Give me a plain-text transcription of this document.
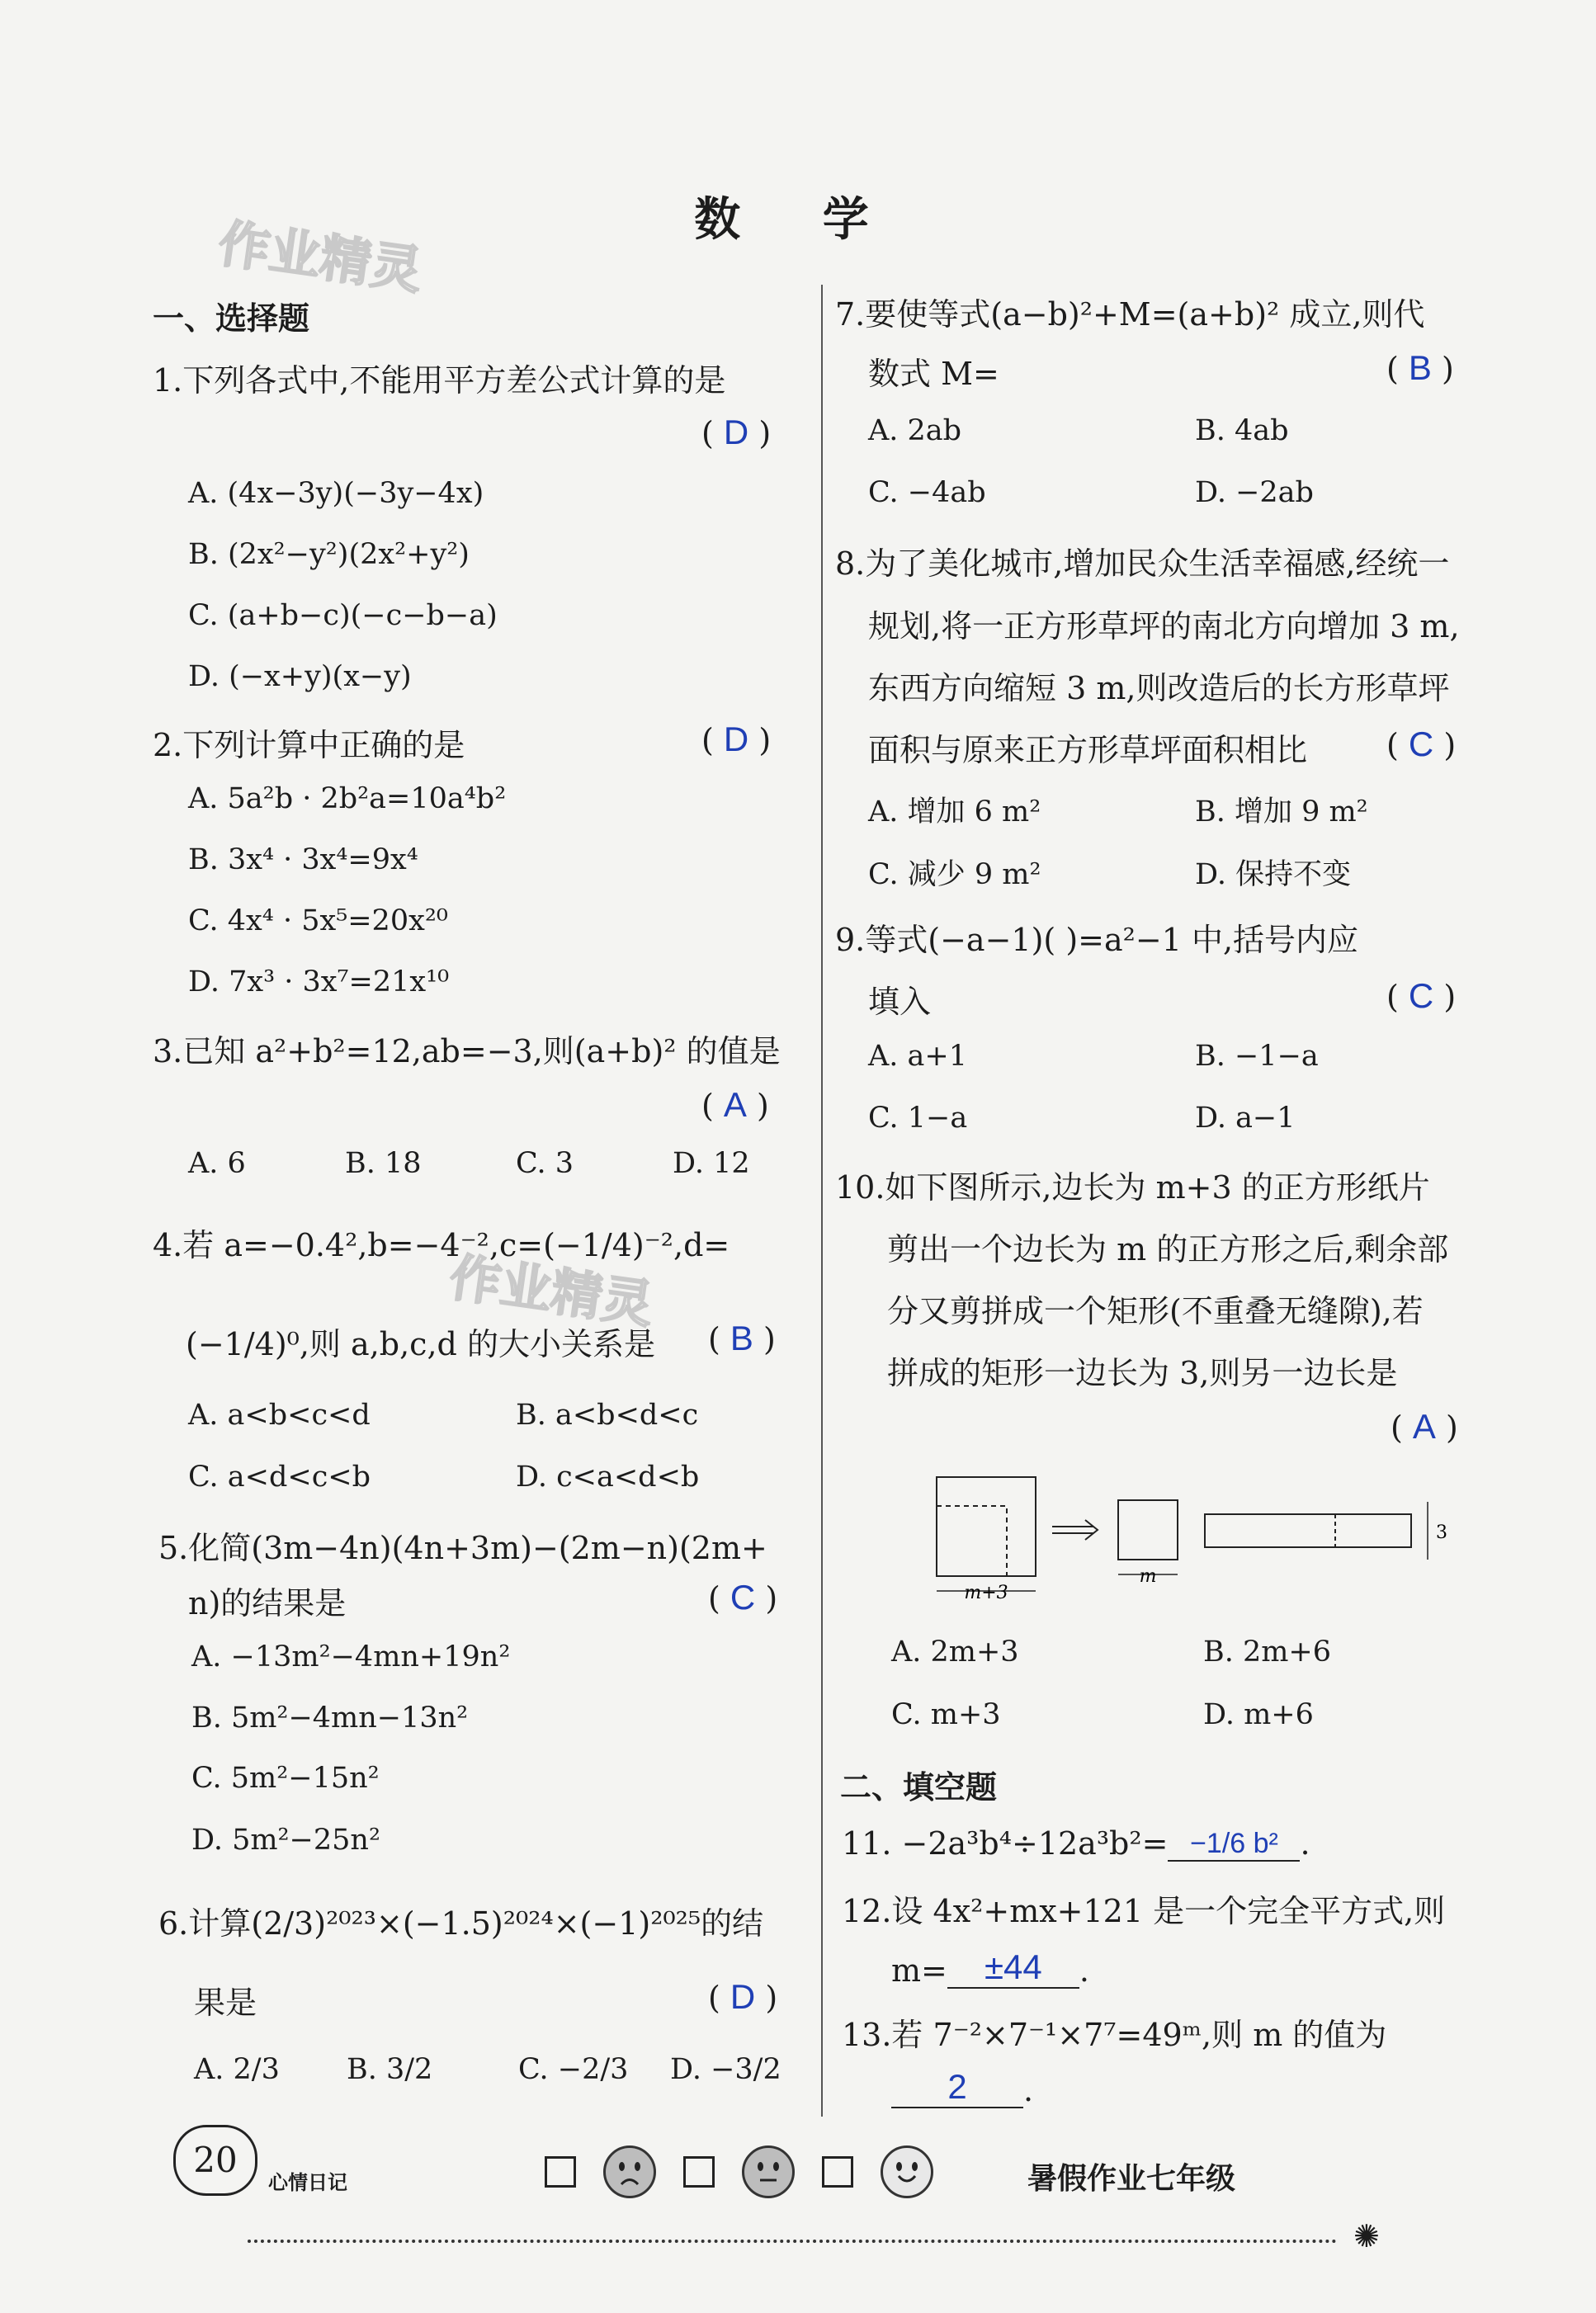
数 学
作业精灵
作业精灵
一、选择题
1.下列各式中,不能用平方差公式计算的是
( D )
A. (4x−3y)(−3y−4x)
B. (2x²−y²)(2x²+y²)
C. (a+b−c)(−c−b−a)
D. (−x+y)(x−y)
2.下列计算中正确的是	( D )
A. 5a²b · 2b²a=10a⁴b²
B. 3x⁴ · 3x⁴=9x⁴
C. 4x⁴ · 5x⁵=20x²⁰
D. 7x³ · 3x⁷=21x¹⁰
3.已知 a²+b²=12,ab=−3,则(a+b)² 的值是
( A )
A. 6	B. 18	C. 3	D. 12
4.若 a=−0.4²,b=−4⁻²,c=(−1/4)⁻²,d=
(−1/4)⁰,则 a,b,c,d 的大小关系是 ( B )
A. a<b<c<d	B. a<b<d<c
C. a<d<c<b	D. c<a<d<b
5.化简(3m−4n)(4n+3m)−(2m−n)(2m+
n)的结果是	( C )
A. −13m²−4mn+19n²
B. 5m²−4mn−13n²
C. 5m²−15n²
D. 5m²−25n²
6.计算(2/3)²⁰²³×(−1.5)²⁰²⁴×(−1)²⁰²⁵的结
果是	( D )
A. 2/3 B. 3/2	C. −2/3 D. −3/2
7.要使等式(a−b)²+M=(a+b)² 成立,则代
数式 M=	( B )
A. 2ab	B. 4ab
C. −4ab	D. −2ab
8.为了美化城市,增加民众生活幸福感,经统一
规划,将一正方形草坪的南北方向增加 3 m,
东西方向缩短 3 m,则改造后的长方形草坪
面积与原来正方形草坪面积相比	( C )
A. 增加 6 m²	B. 增加 9 m²
C. 减少 9 m²	D. 保持不变
9.等式(−a−1)( )=a²−1 中,括号内应
填入	( C )
A. a+1	B. −1−a
C. 1−a	D. a−1
10.如下图所示,边长为 m+3 的正方形纸片
剪出一个边长为 m 的正方形之后,剩余部
分又剪拼成一个矩形(不重叠无缝隙),若
拼成的矩形一边长为 3,则另一边长是
( A )
m+3
m
3
A. 2m+3	B. 2m+6
C. m+3	D. m+6
二、填空题
11. −2a³b⁴÷12a³b²= −1/6 b² .
12.设 4x²+mx+121 是一个完全平方式,则
m= ±44 .
13.若 7⁻²×7⁻¹×7⁷=49ᵐ,则 m 的值为
2 .
20
心情日记

	暑假作业七年级
✺
